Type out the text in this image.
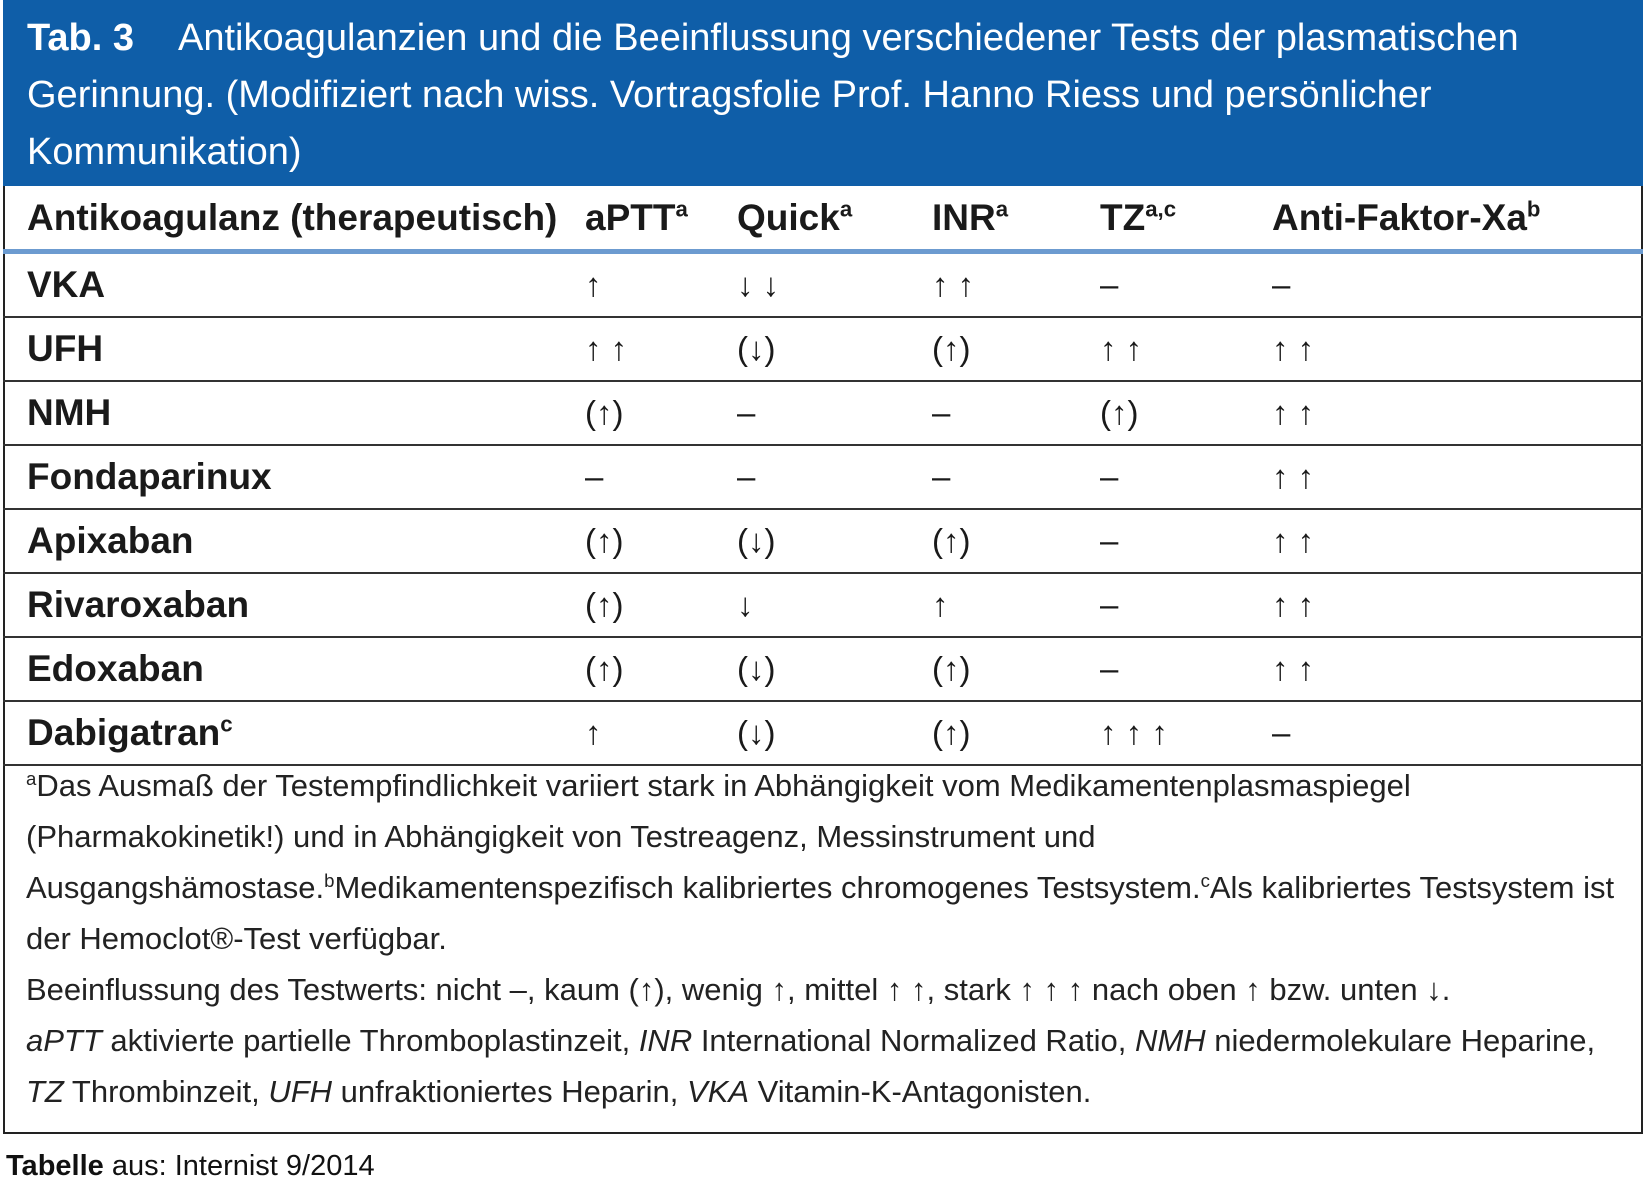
Tab. 3 Antikoagulanzien und die Beeinflussung verschiedener Tests der plasmatischen Gerinnung. (Modifiziert nach wiss. Vortragsfolie Prof. Hanno Riess und persönlicher Kommunikation)
Antikoagulanz (therapeutisch)	aPTT$^a$	Quick$^a$	INR$^a$	TZ$^{a,c}$	Anti-Faktor-Xa$^b$
VKA	↑	↓ ↓	↑ ↑	–	–
UFH	↑ ↑	(↓)	(↑)	↑ ↑	↑ ↑
NMH	(↑)	–	–	(↑)	↑ ↑
Fondaparinux	–	–	–	–	↑ ↑
Apixaban	(↑)	(↓)	(↑)	–	↑ ↑
Rivaroxaban	(↑)	↓	↑	–	↑ ↑
Edoxaban	(↑)	(↓)	(↑)	–	↑ ↑
Dabigatran$^c$	↑	(↓)	(↑)	↑ ↑ ↑	–

$^a$Das Ausmaß der Testempfindlichkeit variiert stark in Abhängigkeit vom Medikamentenplasmaspiegel (Pharmakokinetik!) und in Abhängigkeit von Testreagenz, Messinstrument und Ausgangshämostase.$^b$Medikamentenspezifisch kalibriertes chromogenes Testsystem.$^c$Als kalibriertes Testsystem ist der Hemoclot®-Test verfügbar.

Beeinflussung des Testwerts: nicht –, kaum (↑), wenig ↑, mittel ↑ ↑, stark ↑ ↑ ↑ nach oben ↑ bzw. unten ↓.

aPTT aktivierte partielle Thromboplastinzeit, INR International Normalized Ratio, NMH niedermolekulare Heparine, TZ Thrombinzeit, UFH unfraktioniertes Heparin, VKA Vitamin-K-Antagonisten.

Tabelle aus: Internist 9/2014
